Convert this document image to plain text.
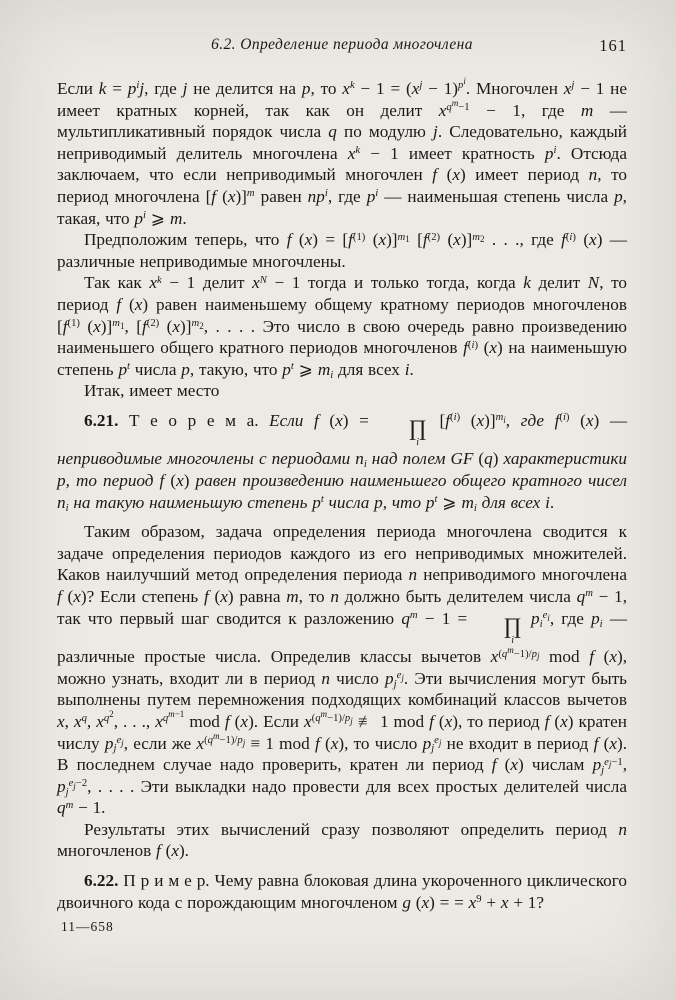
6.2. Определение периода многочлена	161

Если $k = p^ij$, где j не делится на p, то $x^k - 1 = (x^j - 1)^{p^i}$. Многочлен $x^j - 1$ не имеет кратных корней, так как он делит $x^{q^m-1} - 1$, где m — мультипликативный порядок числа q по модулю j. Следовательно, каждый неприводимый делитель многочлена $x^k - 1$ имеет кратность $p^i$. Отсюда заключаем, что если неприводимый многочлен f (x) имеет период n, то период многочлена [f (x)]$^m$ равен $np^i$, где $p^i$ — наименьшая степень числа p, такая, что $p^i$ ⩾ m.

Предположим теперь, что f $(x) = [f^{(1)}$ (x)]$^{m_1}$ [$f^{(2)}$ (x)]$^{m_2}$ . . ., где $f^{(i)}$ (x) — различные неприводимые многочлены.

Так как $x^k - 1$ делит $x^N - 1$ тогда и только тогда, когда k делит N, то период f (x) равен наименьшему общему кратному периодов многочленов [$f^{(1)}$ (x)]$^{m_1}$, [$f^{(2)}$ (x)]$^{m_2}$, . . . . Это число в свою очередь равно произведению наименьшего общего кратного периодов многочленов $f^{(i)}$ (x) на наименьшую степень $p^t$ числа p, такую, что $p^t$ ⩾ $m_i$ для всех i.

Итак, имеет место

6.21. Т е о р е м а. Если f (x) =	∏
i
[$f^{(i)}$ (x)]$^{m_i}$, где $f^{(i)}$ (x) — неприводимые многочлены с периодами $n_i$ над полем GF (q) характеристики p, то период f (x) равен произведению наименьшего общего кратного чисел $n_i$ на такую наименьшую степень $p^t$ числа p, что $p^t$ ⩾ $m_i$ для всех i.

Таким образом, задача определения периода многочлена сводится к задаче определения периодов каждого из его неприводимых множителей. Каков наилучший метод определения периода n неприводимого многочлена f (x)? Если степень f (x) равна m, то n должно быть делителем числа $q^m - 1$, так что первый шаг сводится к разложению $q^m - 1$ =	∏
i
$p_i^{e_i}$, где $p_i$ — различные простые числа. Определив классы вычетов $x^{(q^m-1)/p_j}$ mod f (x), можно узнать, входит ли в период n число $p_j^{e_j}$. Эти вычисления могут быть выполнены путем перемножения подходящих комбинаций классов вычетов x, $x^q$, $x^{q^2}$, . . ., $x^{q^{m-1}}$ mod f (x). Если $x^{(q^m-1)/p_j}$ ≢ 1 mod f (x), то период f (x) кратен числу $p_j^{e_j}$, если же $x^{(q^m-1)/p_j} \equiv 1$ mod f (x), то число $p_j^{e_j}$ не входит в период f (x). В последнем случае надо проверить, кратен ли период f (x) числам $p_j^{e_j-1}$, $p_j^{e_j-2}$, . . . . Эти выкладки надо провести для всех простых делителей числа $q^m - 1$.

Результаты этих вычислений сразу позволяют определить период n многочленов f (x).

6.22. П р и м е р. Чему равна блоковая длина укороченного циклического двоичного кода с порождающим многочленом g (x) = = $x^9 + x + 1$?

11—658
